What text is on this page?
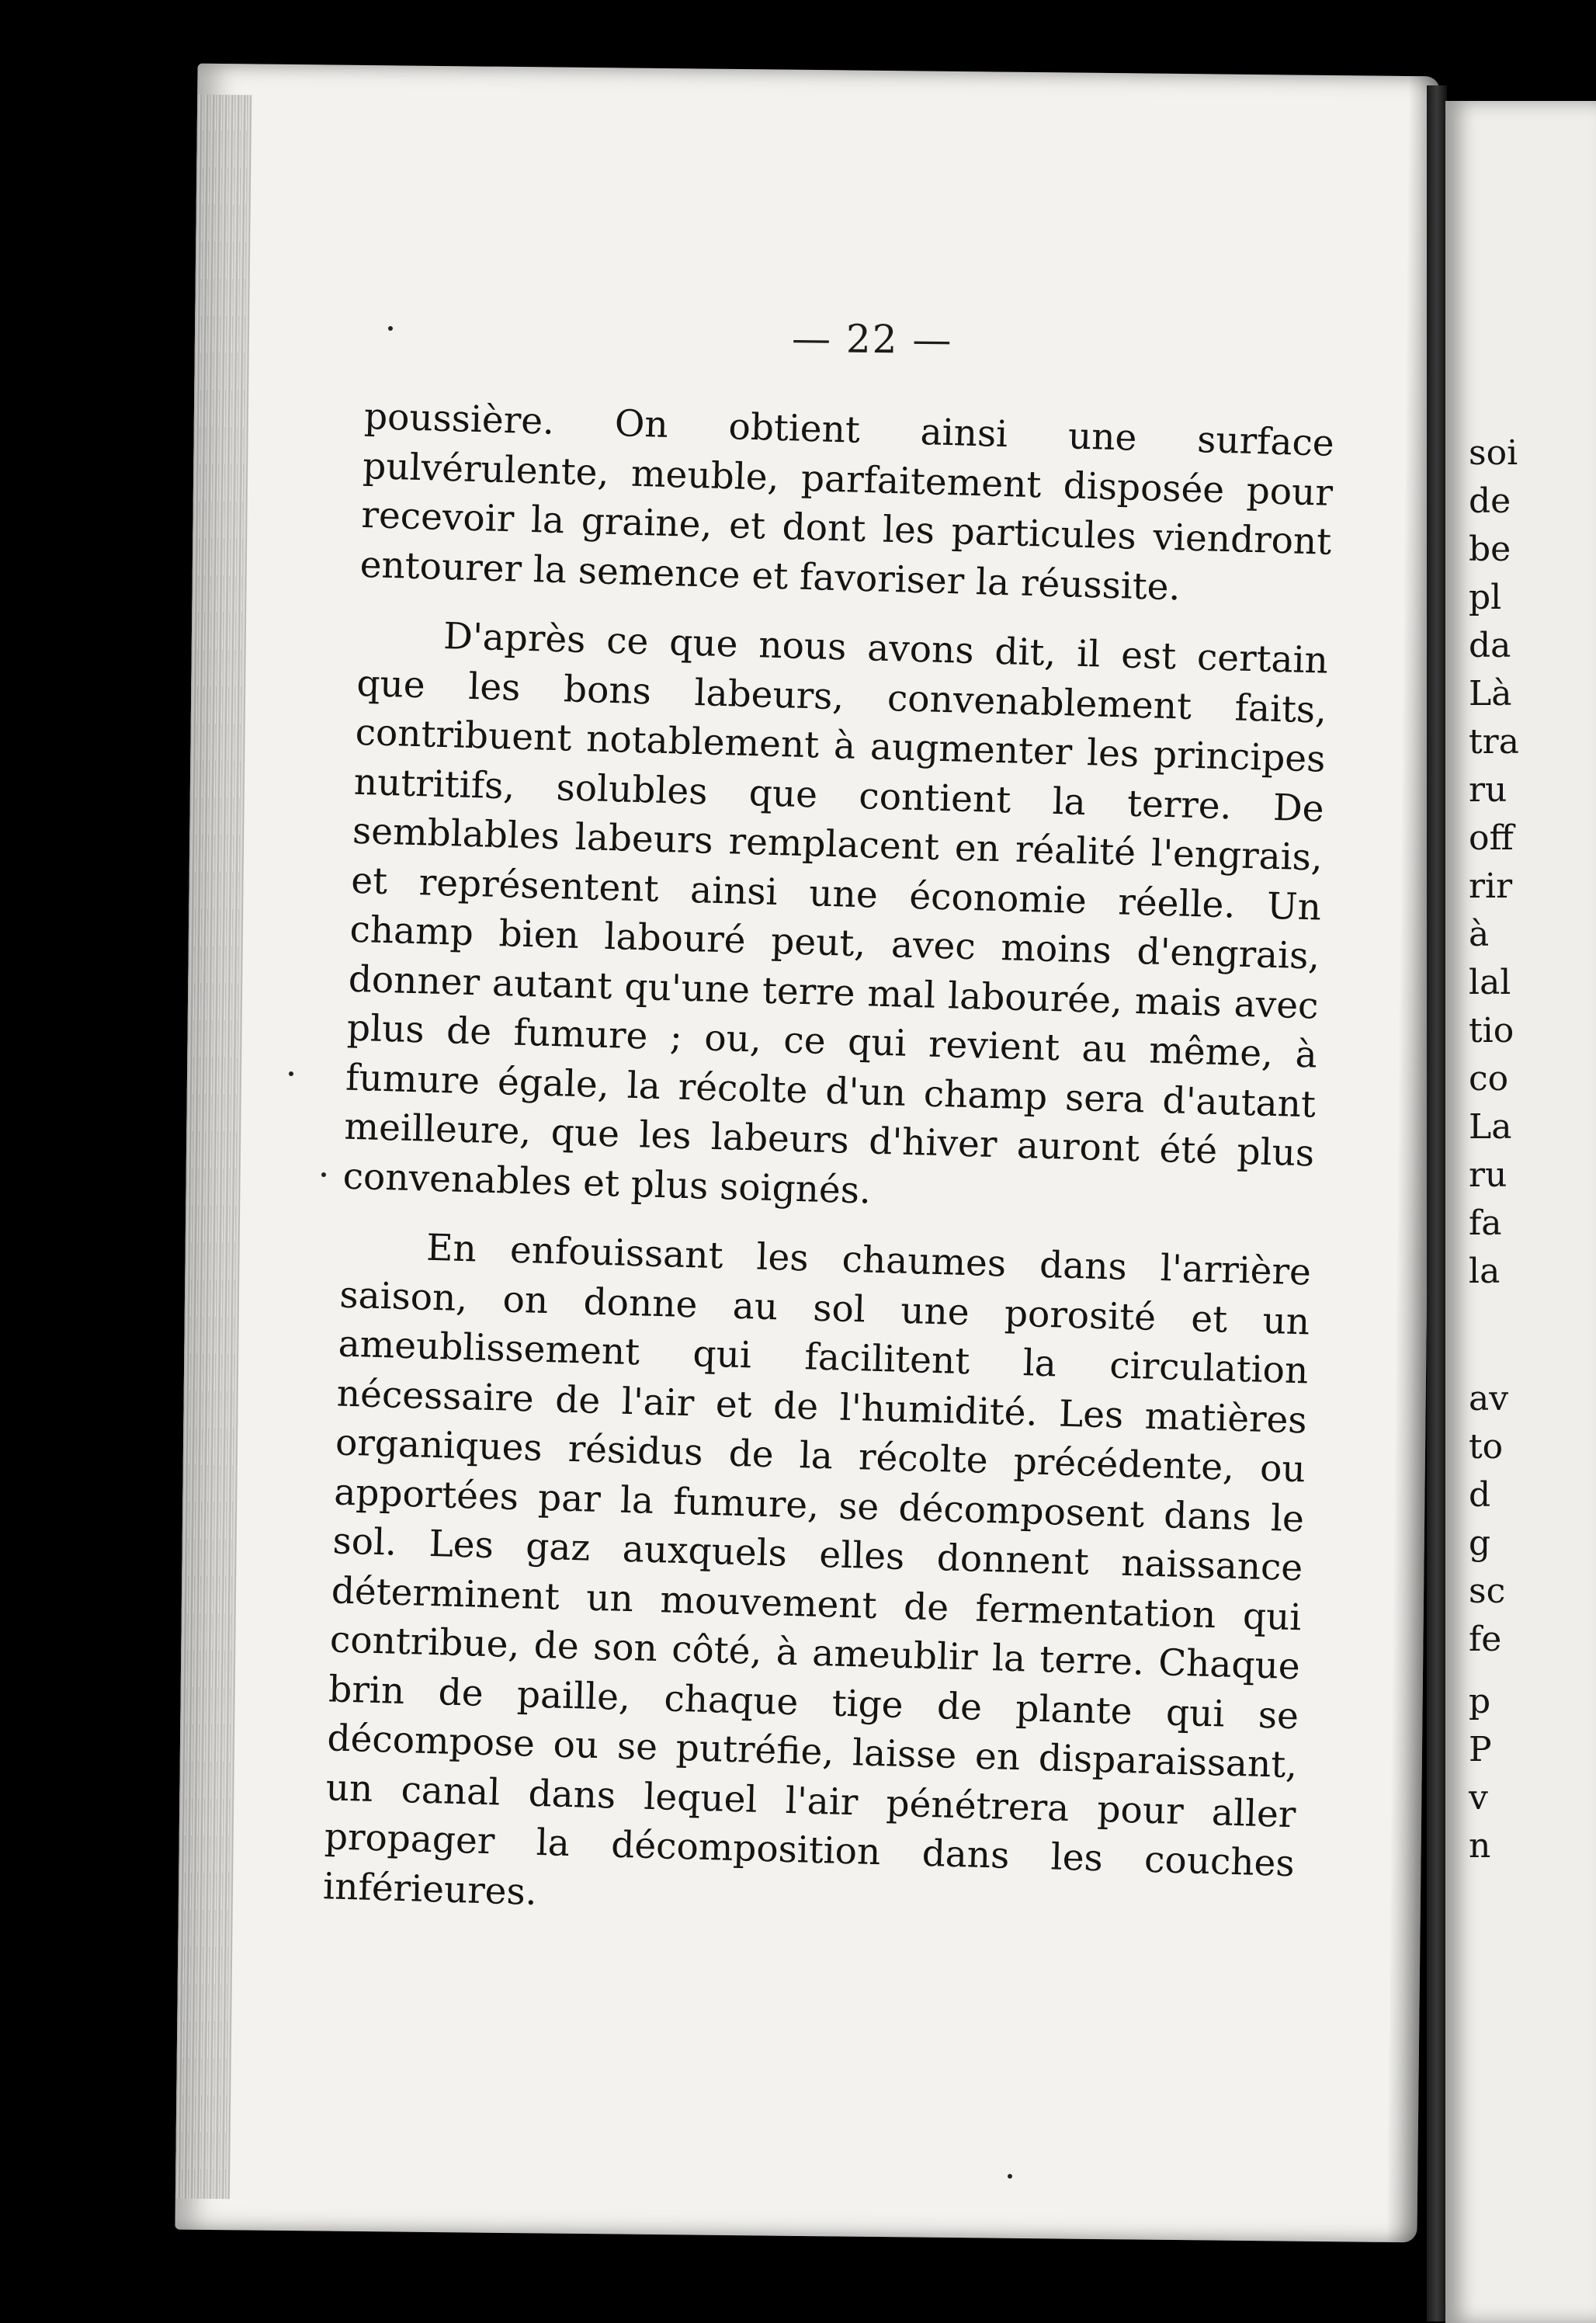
— 22 —

poussière. On obtient ainsi une surface pulvérulente, meuble, parfaitement disposée pour recevoir la graine, et dont les particules viendront entourer la semence et favoriser la réussite.

D'après ce que nous avons dit, il est certain que les bons labeurs, convenablement faits, contribuent notablement à augmenter les principes nutritifs, solubles que contient la terre. De semblables labeurs remplacent en réalité l'engrais, et représentent ainsi une économie réelle. Un champ bien labouré peut, avec moins d'engrais, donner autant qu'une terre mal labourée, mais avec plus de fumure ; ou, ce qui revient au même, à fumure égale, la récolte d'un champ sera d'autant meilleure, que les labeurs d'hiver auront été plus convenables et plus soignés.

En enfouissant les chaumes dans l'arrière saison, on donne au sol une porosité et un ameublissement qui facilitent la circulation nécessaire de l'air et de l'humidité. Les matières organiques résidus de la récolte précédente, ou apportées par la fumure, se décomposent dans le sol. Les gaz auxquels elles donnent naissance déterminent un mouvement de fermentation qui contribue, de son côté, à ameublir la terre. Chaque brin de paille, chaque tige de plante qui se décompose ou se putréfie, laisse en disparaissant, un canal dans lequel l'air pénétrera pour aller propager la décomposition dans les couches inférieures.

soi
de
be
pl
da
Là
tra
ru
off
rir
à
lal
tio
co
La
ru
fa
la
av
to
d
g
sc
fe
p
P
v
n
